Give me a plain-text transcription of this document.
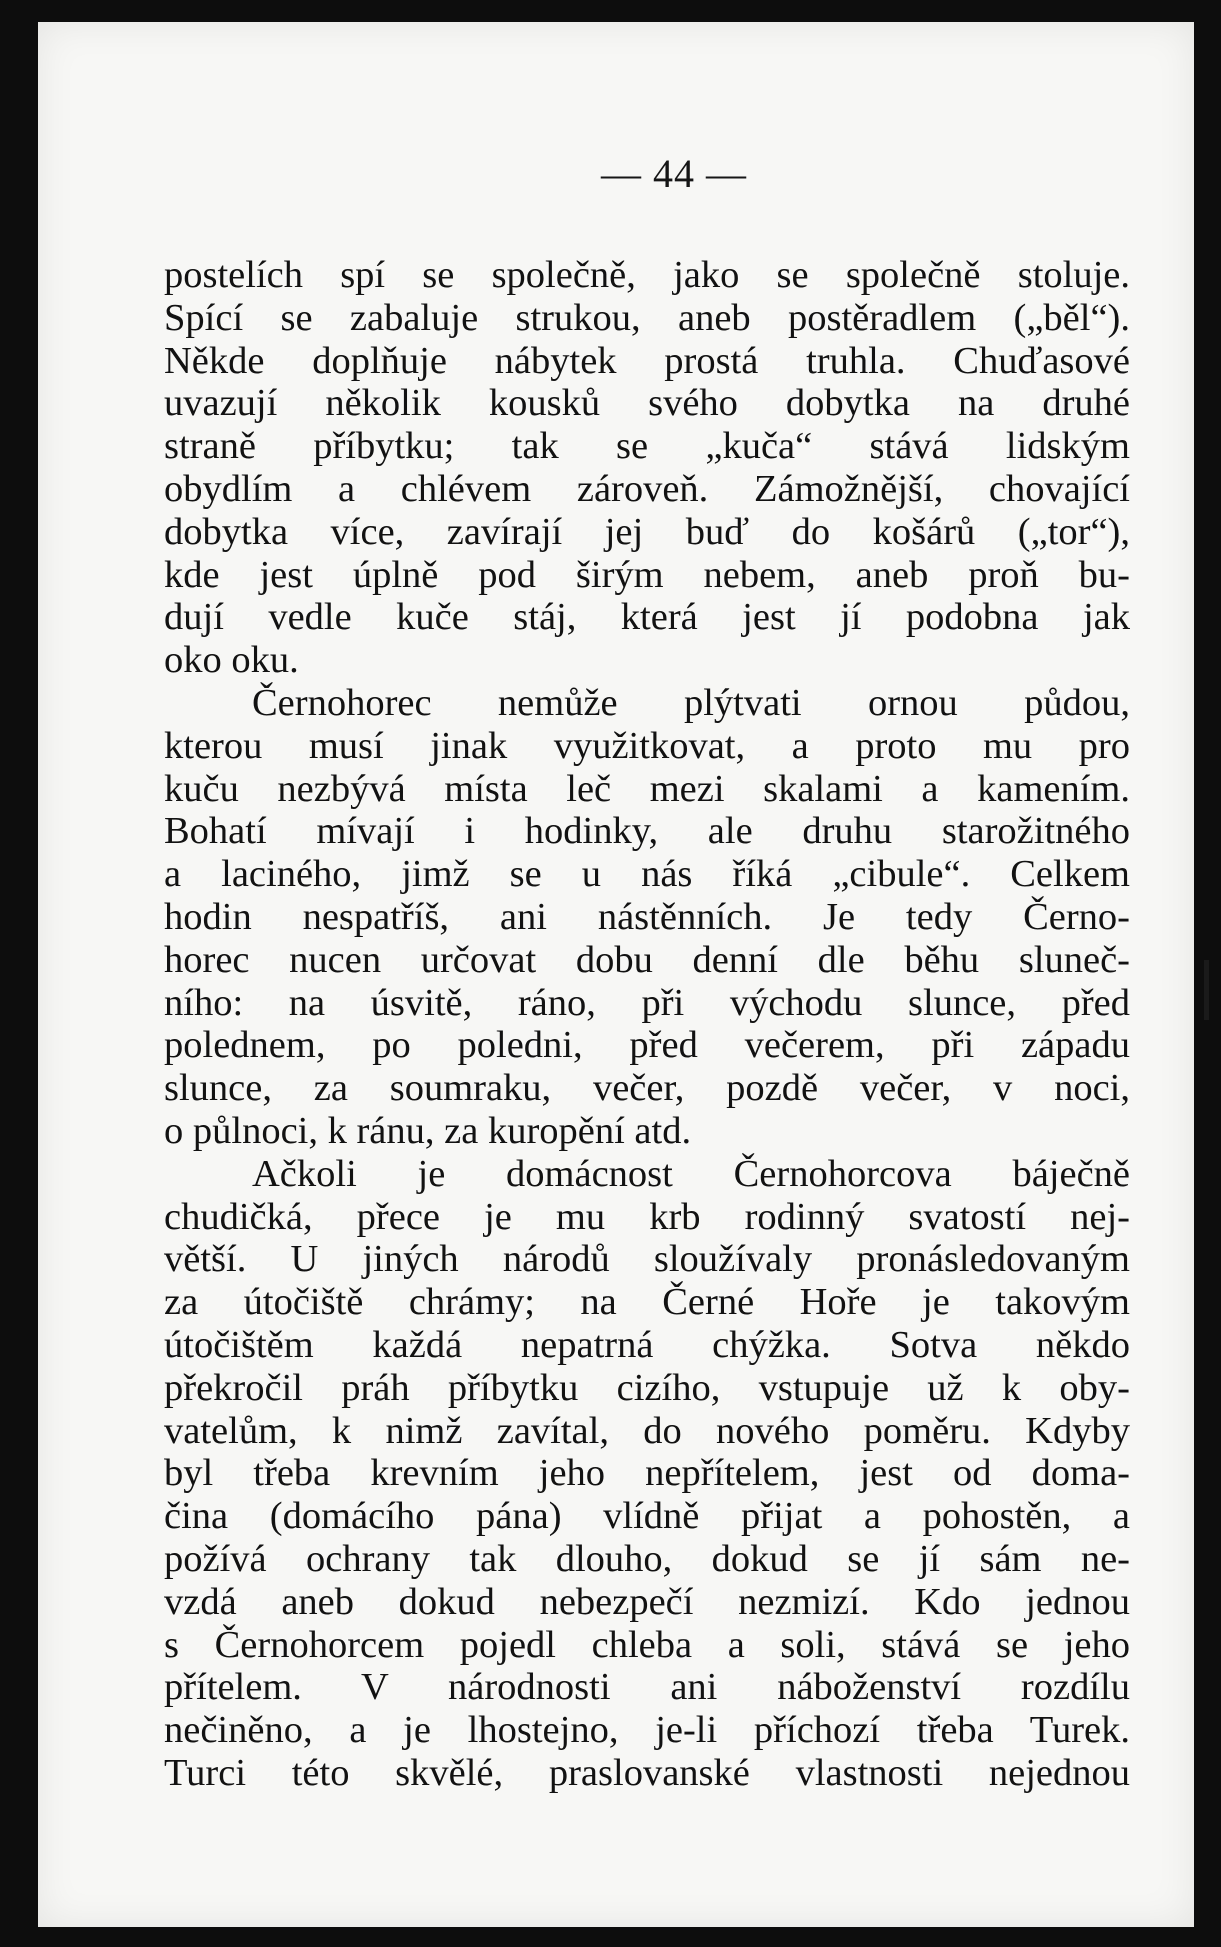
— 44 —
postelích spí se společně, jako se společně stoluje.
Spící se zabaluje strukou, aneb postěradlem („běl“).
Někde doplňuje nábytek prostá truhla. Chuďasové
uvazují několik kousků svého dobytka na druhé
straně příbytku; tak se „kuča“ stává lidským
obydlím a chlévem zároveň. Zámožnější, chovající
dobytka více, zavírají jej buď do košárů („tor“),
kde jest úplně pod širým nebem, aneb proň bu-
dují vedle kuče stáj, která jest jí podobna jak
oko oku.
Černohorec nemůže plýtvati ornou půdou,
kterou musí jinak využitkovat, a proto mu pro
kuču nezbývá místa leč mezi skalami a kamením.
Bohatí mívají i hodinky, ale druhu starožitného
a laciného, jimž se u nás říká „cibule“. Celkem
hodin nespatříš, ani nástěnních. Je tedy Černo-
horec nucen určovat dobu denní dle běhu sluneč-
ního: na úsvitě, ráno, při východu slunce, před
polednem, po poledni, před večerem, při západu
slunce, za soumraku, večer, pozdě večer, v noci,
o půlnoci, k ránu, za kuropění atd.
Ačkoli je domácnost Černohorcova báječně
chudičká, přece je mu krb rodinný svatostí nej-
větší. U jiných národů sloužívaly pronásledovaným
za útočiště chrámy; na Černé Hoře je takovým
útočištěm každá nepatrná chýžka. Sotva někdo
překročil práh příbytku cizího, vstupuje už k oby-
vatelům, k nimž zavítal, do nového poměru. Kdyby
byl třeba krevním jeho nepřítelem, jest od doma-
čina (domácího pána) vlídně přijat a pohostěn, a
požívá ochrany tak dlouho, dokud se jí sám ne-
vzdá aneb dokud nebezpečí nezmizí. Kdo jednou
s Černohorcem pojedl chleba a soli, stává se jeho
přítelem. V národnosti ani náboženství rozdílu
nečiněno, a je lhostejno, je-li příchozí třeba Turek.
Turci této skvělé, praslovanské vlastnosti nejednou
